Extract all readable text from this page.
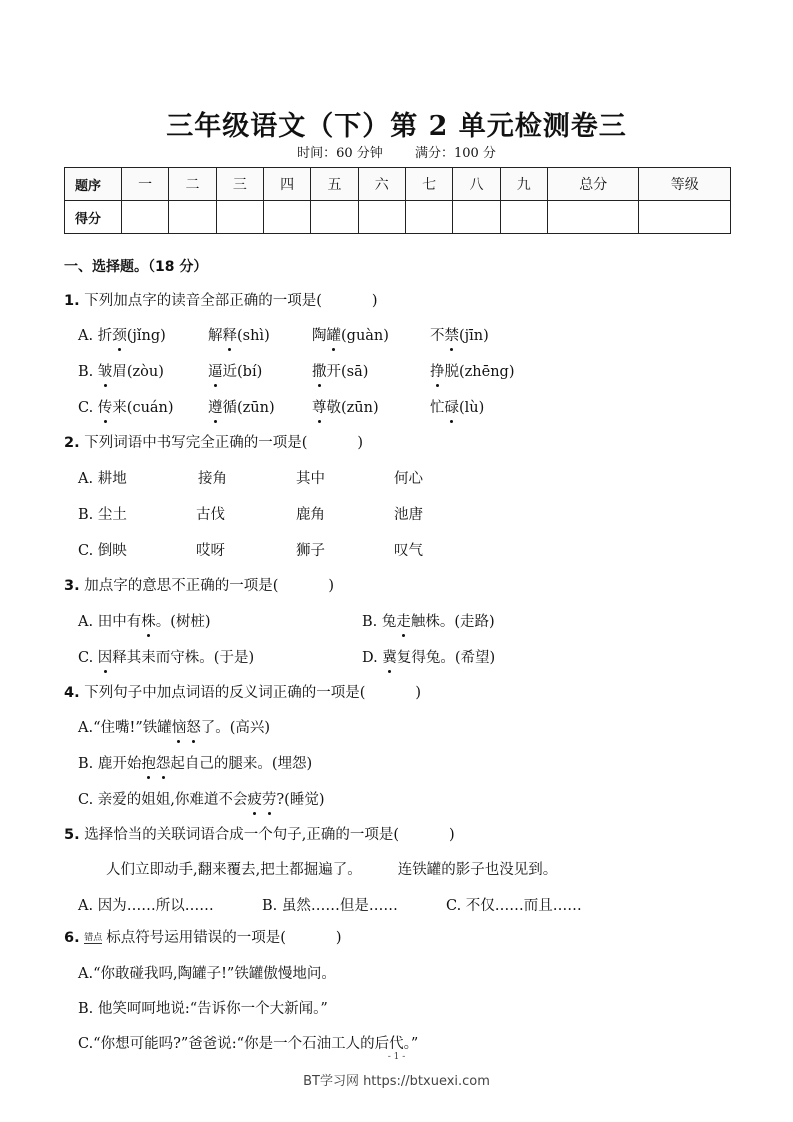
三年级语文（下）第 2 单元检测卷三
时间：60 分钟 满分：100 分
题序	一	二	三	四	五	六	七	八	九	总分	等级
得分											
一、选择题。（18 分）
1. 下列加点字的读音全部正确的一项是(	)
A. 折颈(jǐng)	解释(shì)	陶罐(guàn)	不禁(jīn)
B. 皱眉(zòu)	逼近(bí)	撒开(sā)	挣脱(zhēng)
C. 传来(cuán) 遵循(zūn)	尊敬(zūn)	忙碌(lù)
2. 下列词语中书写完全正确的一项是(	)
A. 耕地	接角	其中	何心
B. 尘土	古伐	鹿角	池唐
C. 倒映	哎呀	狮子	叹气
3. 加点字的意思不正确的一项是(	)
A. 田中有株。(树桩)	B. 兔走触株。(走路)
C. 因释其耒而守株。(于是)	D. 冀复得兔。(希望)
4. 下列句子中加点词语的反义词正确的一项是(	)
A.“住嘴!”铁罐恼怒了。(高兴)
B. 鹿开始抱怨起自己的腿来。(埋怨)
C. 亲爱的姐姐,你难道不会疲劳?(睡觉)
5. 选择恰当的关联词语合成一个句子,正确的一项是(	)
人们立即动手,翻来覆去,把土都掘遍了。 连铁罐的影子也没见到。
A. 因为……所以……	B. 虽然……但是……	C. 不仅……而且……
6. 错点 标点符号运用错误的一项是(	)
A.“你敢碰我吗,陶罐子!”铁罐傲慢地问。
B. 他笑呵呵地说:“告诉你一个大新闻。”
C.“你想可能吗?”爸爸说:“你是一个石油工人的后代。”
- 1 -
BT学习网 https://btxuexi.com
